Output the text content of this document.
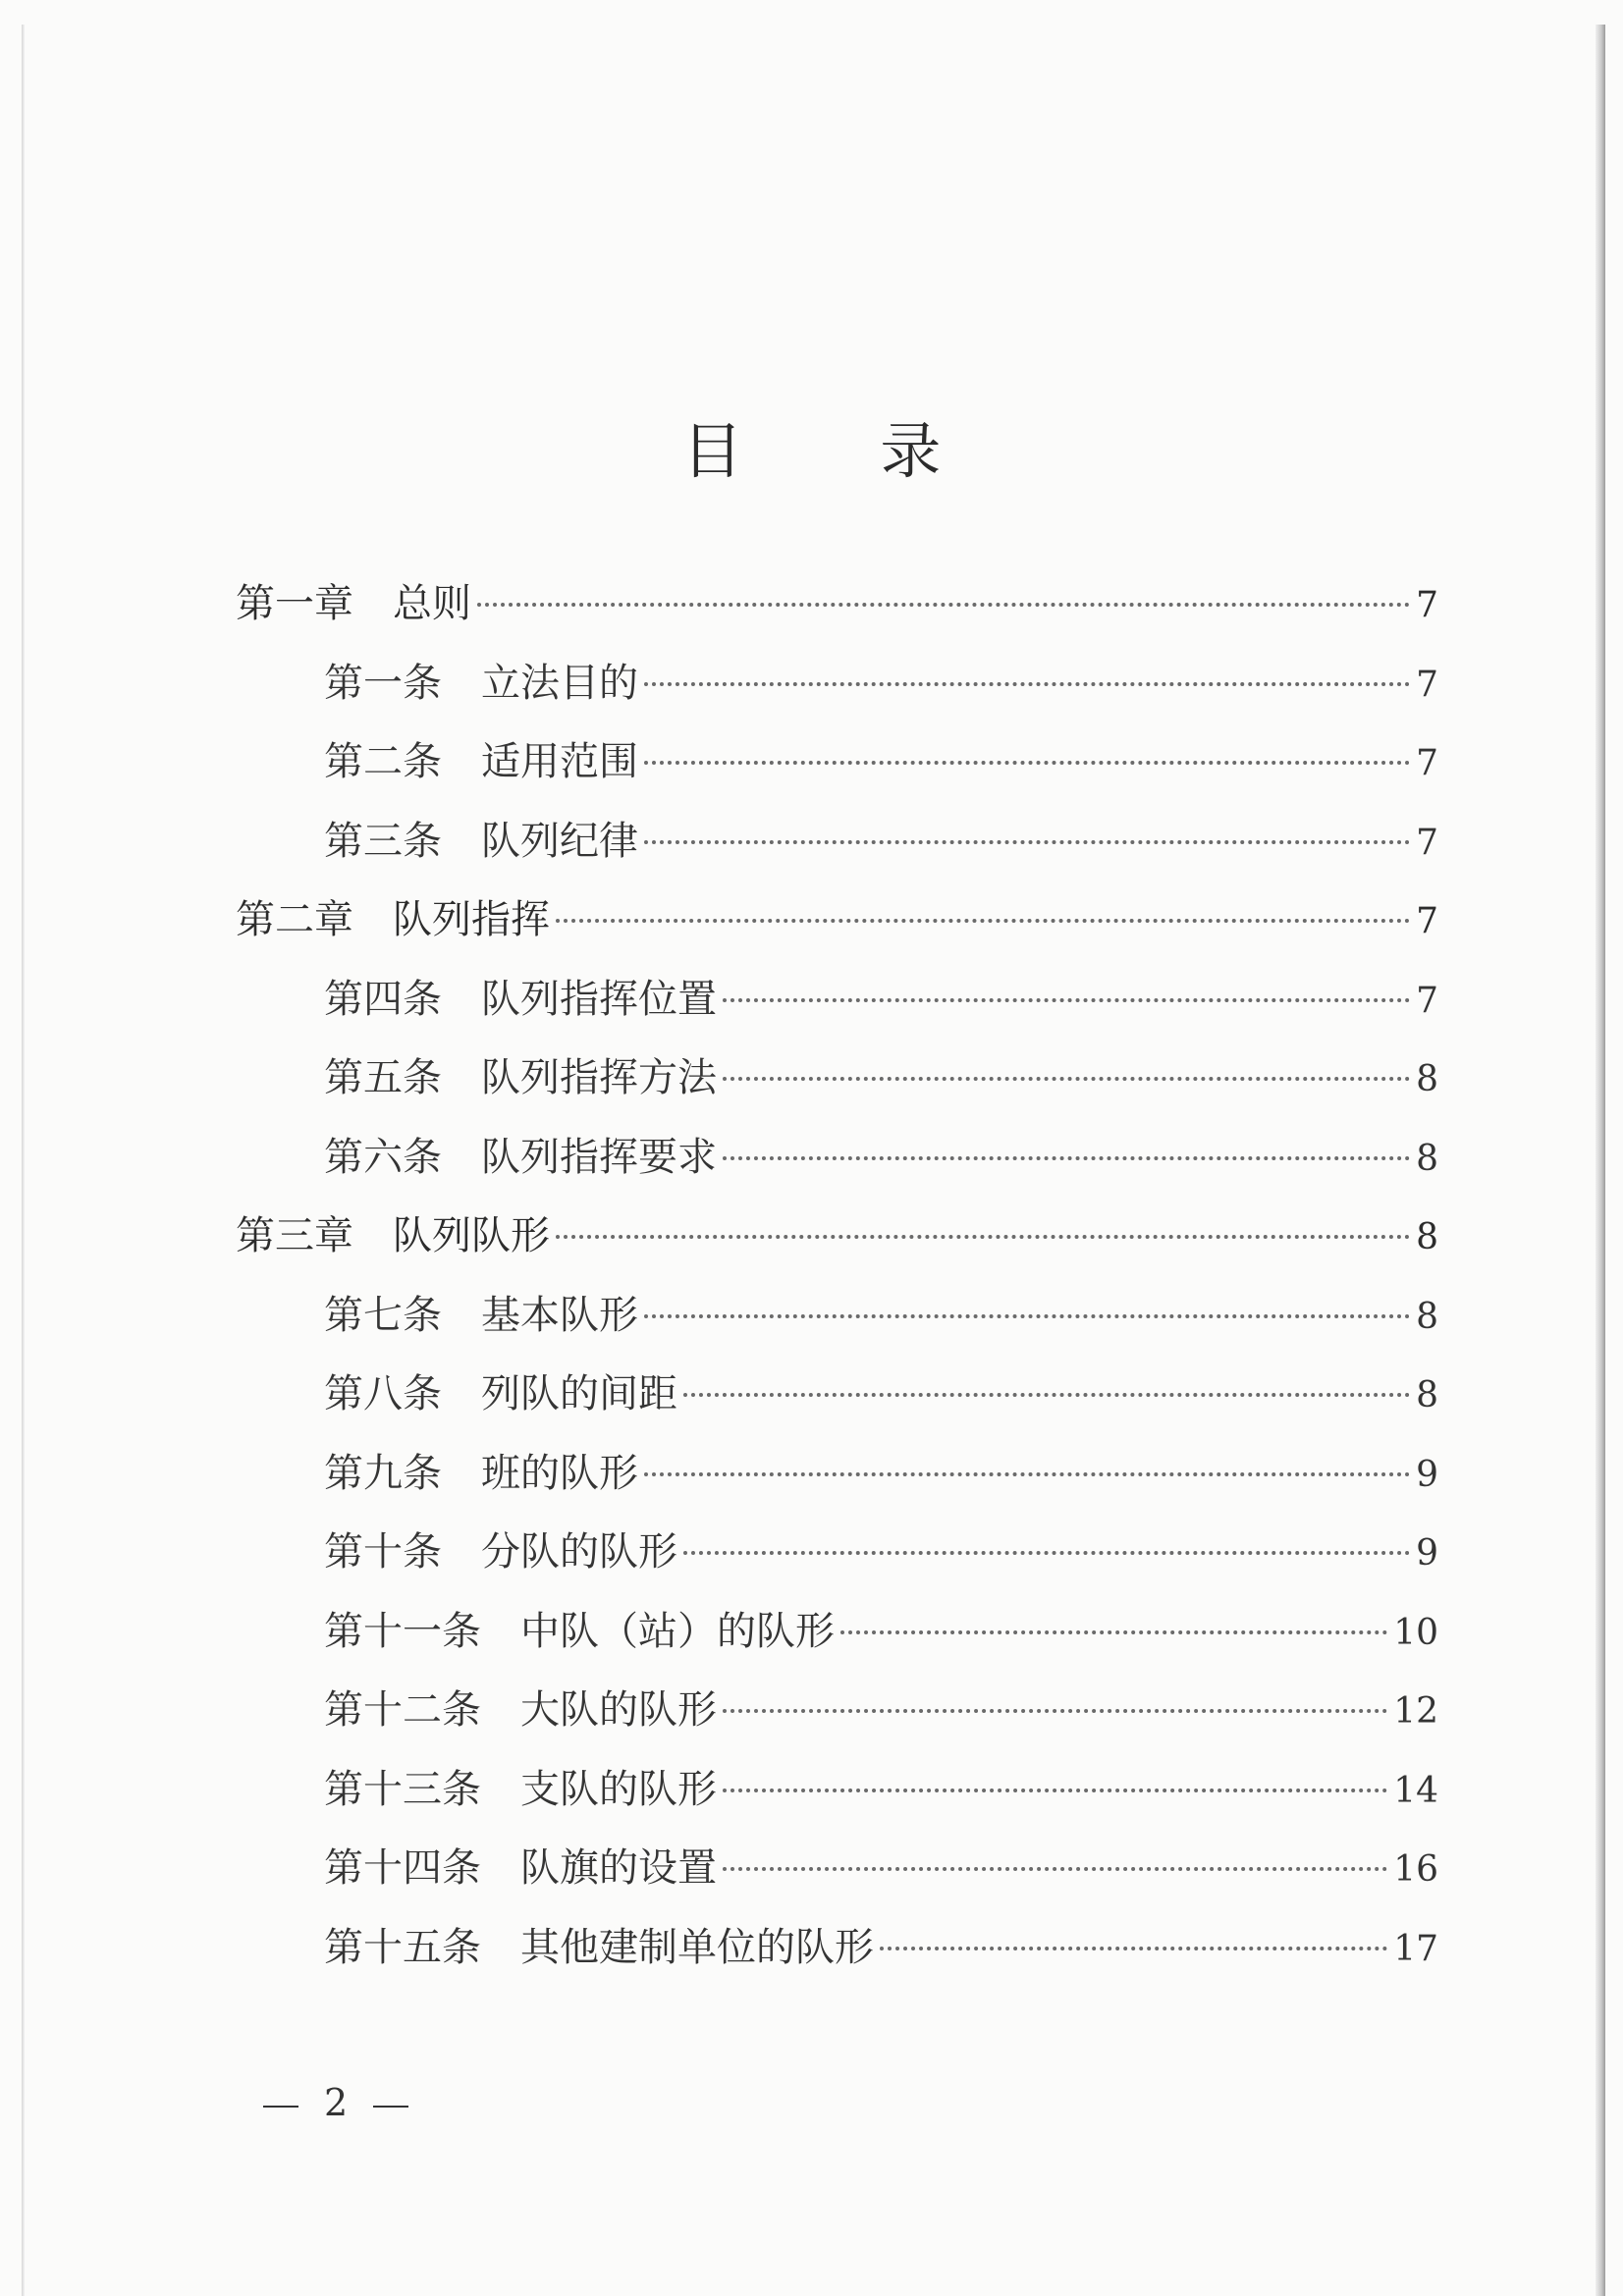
目 录
第一章　总则	7
第一条　立法目的	7
第二条　适用范围	7
第三条　队列纪律	7
第二章　队列指挥	7
第四条　队列指挥位置	7
第五条　队列指挥方法	8
第六条　队列指挥要求	8
第三章　队列队形	8
第七条　基本队形	8
第八条　列队的间距	8
第九条　班的队形	9
第十条　分队的队形	9
第十一条　中队（站）的队形	10
第十二条　大队的队形	12
第十三条　支队的队形	14
第十四条　队旗的设置	16
第十五条　其他建制单位的队形	17
2
